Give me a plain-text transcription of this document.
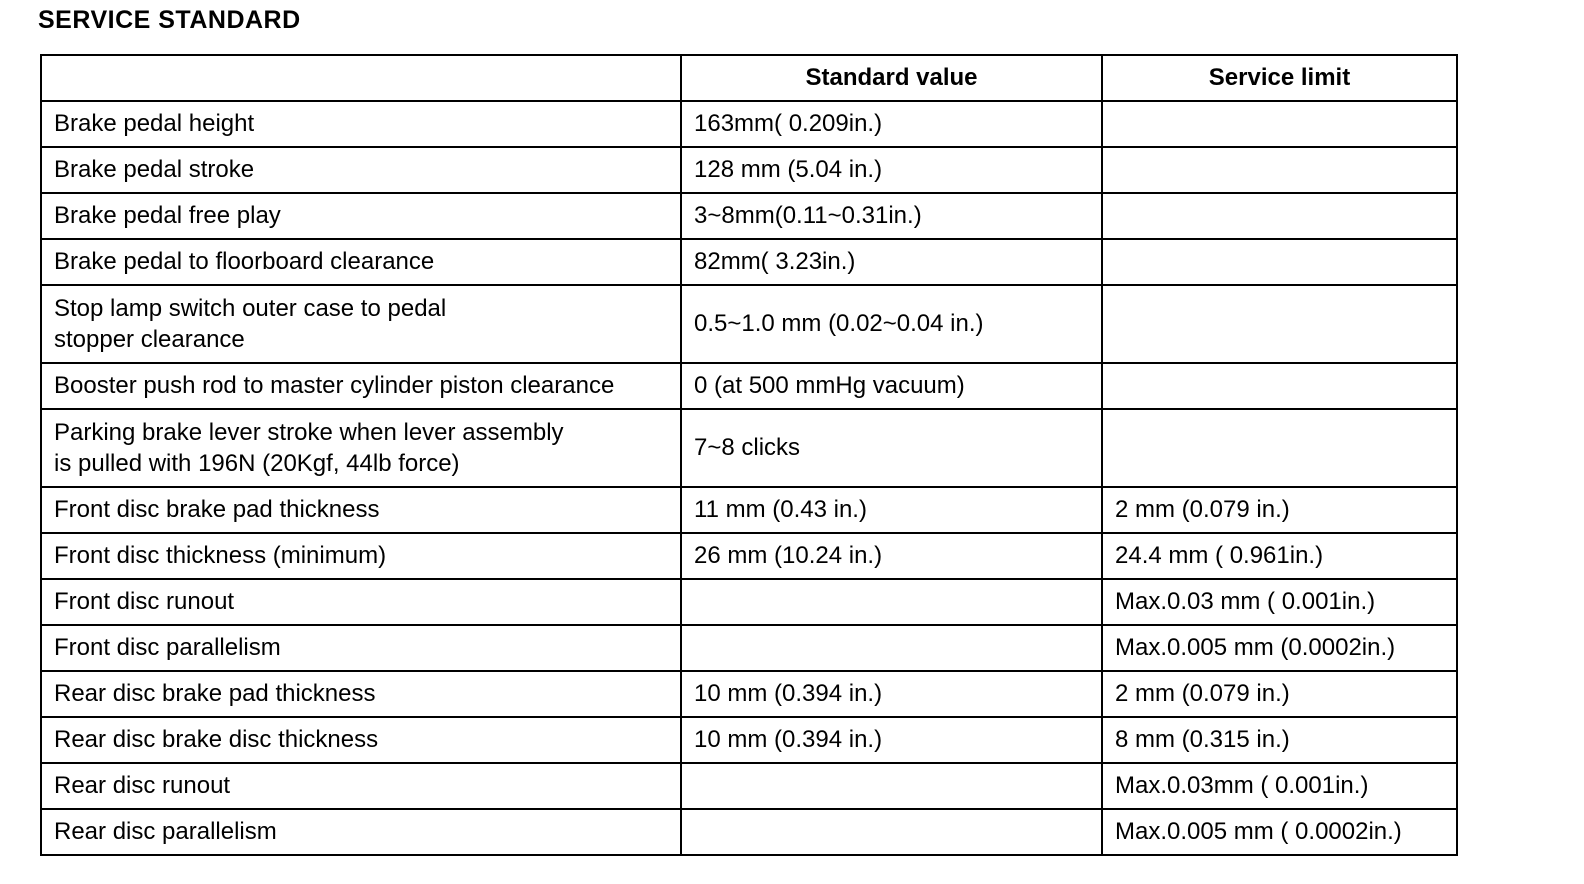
SERVICE STANDARD
	Standard value	Service limit
Brake pedal height	163mm( 0.209in.)	
Brake pedal stroke	128 mm (5.04 in.)	
Brake pedal free play	3~8mm(0.11~0.31in.)	
Brake pedal to floorboard clearance	82mm( 3.23in.)	
Stop lamp switch outer case to pedal
stopper clearance	0.5~1.0 mm (0.02~0.04 in.)	
Booster push rod to master cylinder piston clearance	0 (at 500 mmHg vacuum)	
Parking brake lever stroke when lever assembly
is pulled with 196N (20Kgf, 44lb force)	7~8 clicks	
Front disc brake pad thickness	11 mm (0.43 in.)	2 mm (0.079 in.)
Front disc thickness (minimum)	26 mm (10.24 in.)	24.4 mm ( 0.961in.)
Front disc runout		Max.0.03 mm ( 0.001in.)
Front disc parallelism		Max.0.005 mm (0.0002in.)
Rear disc brake pad thickness	10 mm (0.394 in.)	2 mm (0.079 in.)
Rear disc brake disc thickness	10 mm (0.394 in.)	8 mm (0.315 in.)
Rear disc runout		Max.0.03mm ( 0.001in.)
Rear disc parallelism		Max.0.005 mm ( 0.0002in.)
